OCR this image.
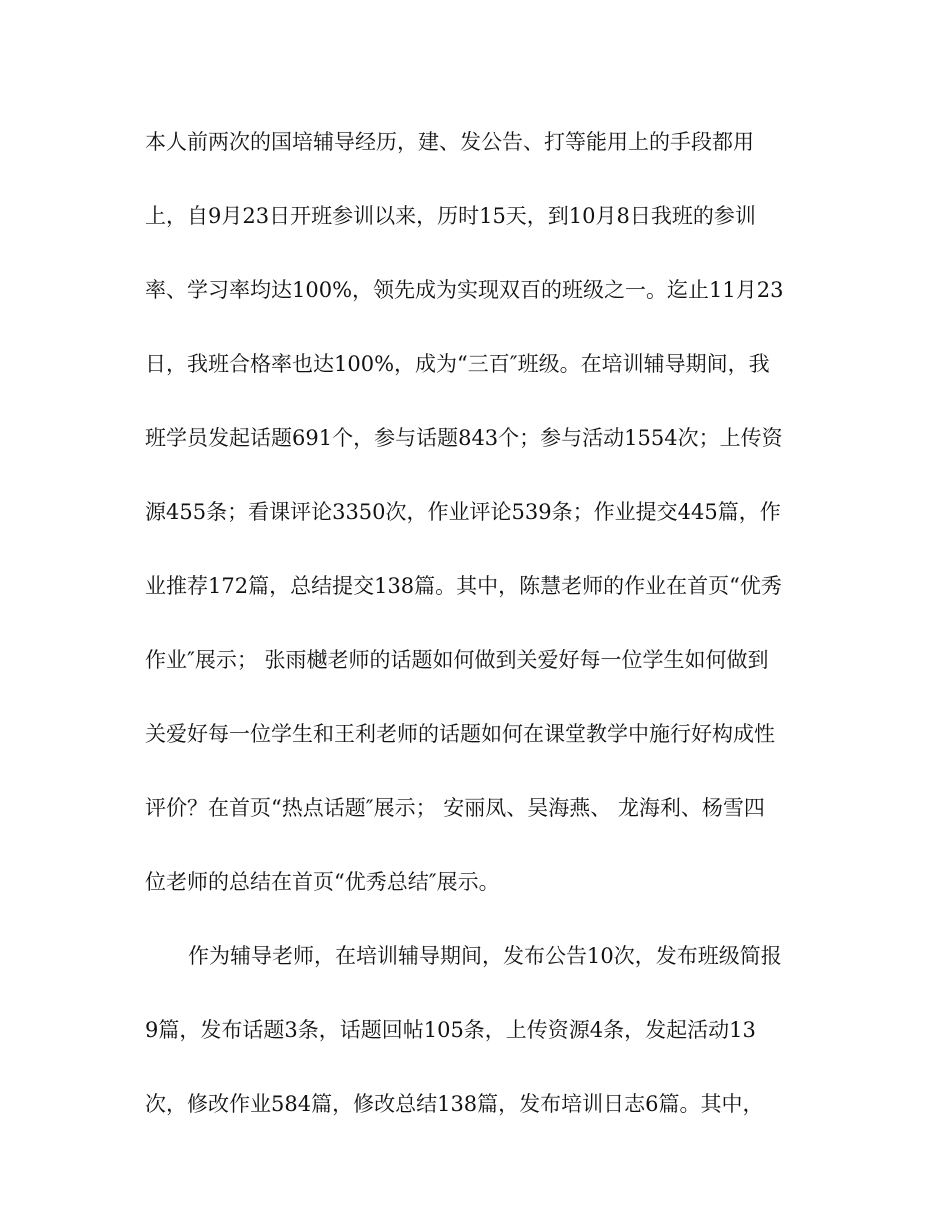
本人前两次的国培辅导经历，建、发公告、打等能用上的手段都用
上，自9月23日开班参训以来，历时15天，到10月8日我班的参训
率、学习率均达100%，领先成为实现双百的班级之一。迄止11月23
日，我班合格率也达100%，成为“三百″班级。在培训辅导期间，我
班学员发起话题691个，参与话题843个；参与活动1554次；上传资
源455条；看课评论3350次，作业评论539条；作业提交445篇，作
业推荐172篇，总结提交138篇。其中，陈慧老师的作业在首页“优秀
作业″展示； 张雨樾老师的话题如何做到关爱好每一位学生如何做到
关爱好每一位学生和王利老师的话题如何在课堂教学中施行好构成性
评价？在首页“热点话题″展示； 安丽凤、吴海燕、 龙海利、杨雪四
位老师的总结在首页“优秀总结″展示。
作为辅导老师，在培训辅导期间，发布公告10次，发布班级简报
9篇，发布话题3条，话题回帖105条，上传资源4条，发起活动13
次，修改作业584篇，修改总结138篇，发布培训日志6篇。其中，
